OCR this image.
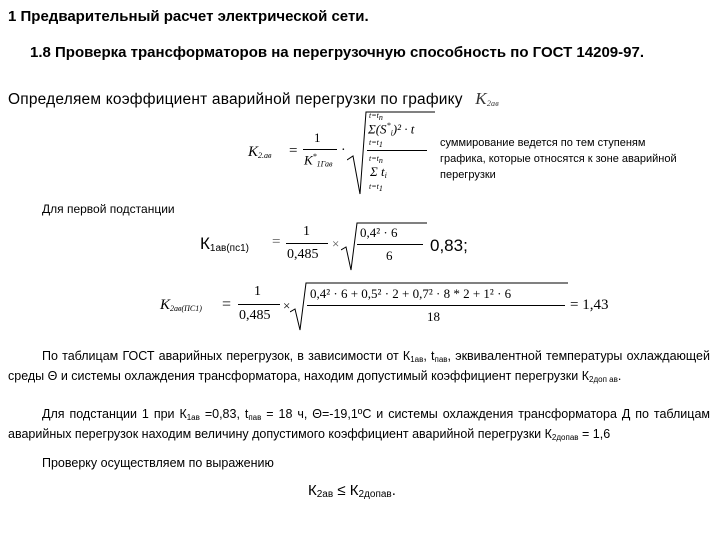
1 Предварительный расчет электрической сети.
1.8 Проверка трансформаторов на перегрузочную способность по ГОСТ 14209-97.
Определяем коэффициент аварийной перегрузки по графику $K_{2ав}$
$K_{2.ав}$ =
1
$K^*_{1Гав}$
·
$t=t_n$
$\Sigma(S^*_i)^2 \cdot t$
$t=t_1$
$t=t_n$
Σ $t_i$
$t=t_1$
суммирование ведется по тем ступеням графика, которые относятся к зоне аварийной перегрузки
Для первой подстанции
$К_{1ав(пс1)}$ =
1
0,485
×
0,4² · 6
6
0,83;
$K_{2ав(ПС1)}$ =
1
0,485
×
0,4² · 6 + 0,5² · 2 + 0,7² · 8 * 2 + 1² · 6
18
= 1,43
По таблицам ГОСТ аварийных перегрузок, в зависимости от $К_{1ав}$, $t_{пав}$, эквивалентной температуры охлаждающей среды Θ и системы охлаждения трансформатора, находим допустимый коэффициент перегрузки $К_{2доп ав}$.
Для подстанции 1 при $К_{1ав} =0,83$, $t_{пав} = 18$ ч, Θ=-19,1ºС и системы охлаждения трансформатора Д по таблицам аварийных перегрузок находим величину допустимого коэффициент аварийной перегрузки $К_{2допав} = 1,6$
Проверку осуществляем по выражению
$К_{2ав} \le К_{2допав}$.
